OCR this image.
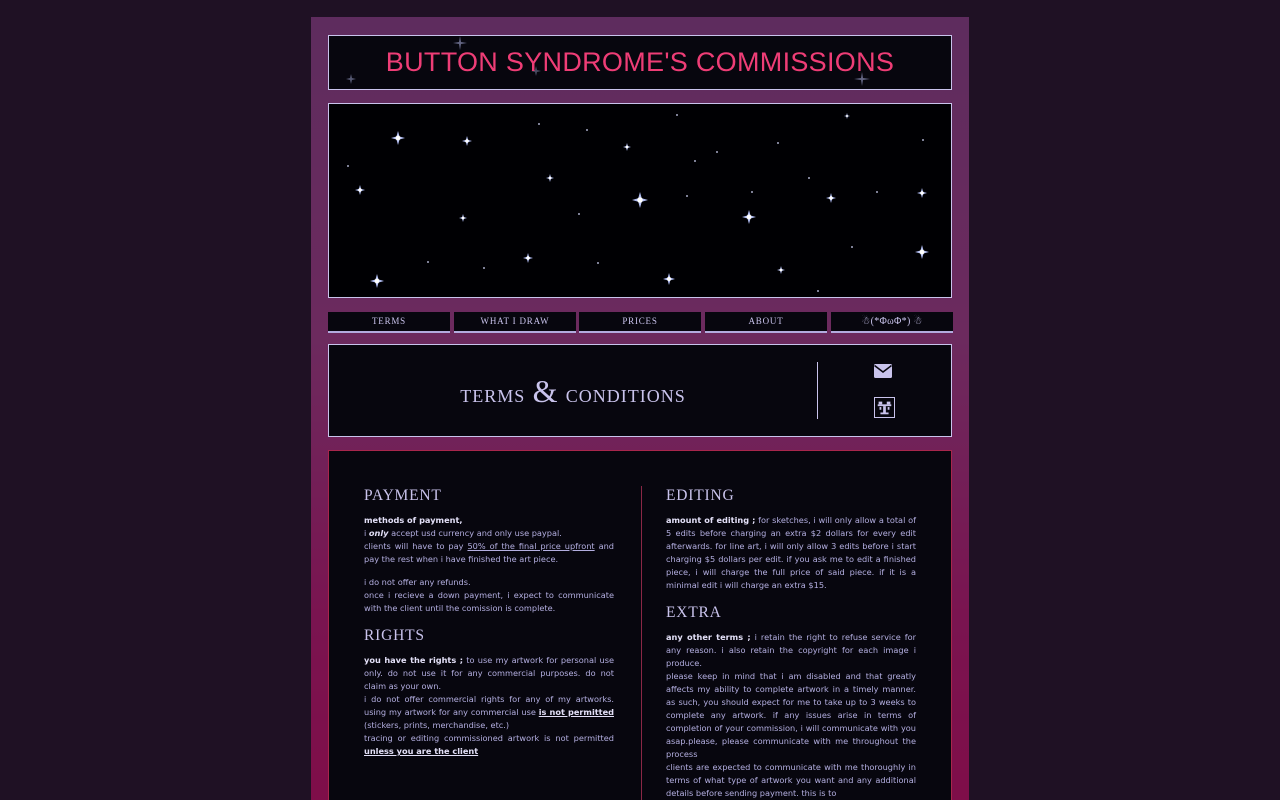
BUTTON SYNDROME'S COMMISSIONS
TERMS	WHAT I DRAW	PRICES	ABOUT	☃(*ΦωΦ*) ☃
terms & conditions
PAYMENT

methods of payment,

i only accept usd currency and only use paypal.

clients will have to pay 50% of the final price upfront and pay the rest when i have finished the art piece.

i do not offer any refunds.

once i recieve a down payment, i expect to communicate with the client until the comission is complete.

RIGHTS

you have the rights ; to use my artwork for personal use only. do not use it for any commercial purposes. do not claim as your own.

i do not offer commercial rights for any of my artworks. using my artwork for any commercial use is not permitted (stickers, prints, merchandise, etc.)

tracing or editing commissioned artwork is not permitted unless you are the client

EDITING

amount of editing ; for sketches, i will only allow a total of 5 edits before charging an extra $2 dollars for every edit afterwards. for line art, i will only allow 3 edits before i start charging $5 dollars per edit. if you ask me to edit a finished piece, i will charge the full price of said piece. if it is a minimal edit i will charge an extra $15.

EXTRA

any other terms ; i retain the right to refuse service for any reason. i also retain the copyright for each image i produce.

please keep in mind that i am disabled and that greatly affects my ability to complete artwork in a timely manner. as such, you should expect for me to take up to 3 weeks to complete any artwork. if any issues arise in terms of completion of your commission, i will communicate with you asap.please, please communicate with me throughout the process

clients are expected to communicate with me thoroughly in terms of what type of artwork you want and any additional details before sending payment. this is to
